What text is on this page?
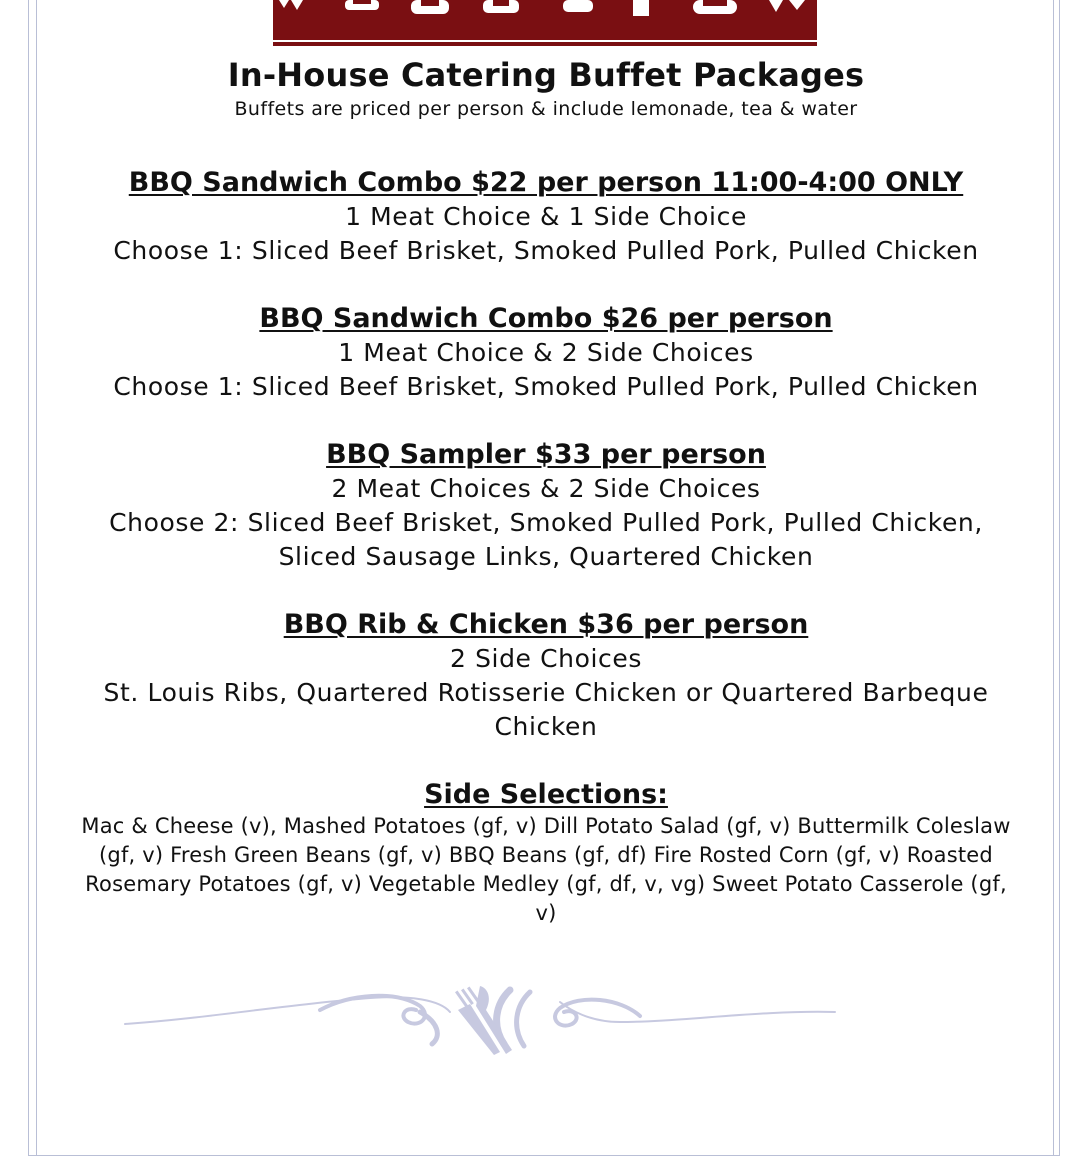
In-House Catering Buffet Packages

Buffets are priced per person & include lemonade, tea & water

BBQ Sandwich Combo $22 per person 11:00-4:00 ONLY

1 Meat Choice & 1 Side Choice

Choose 1: Sliced Beef Brisket, Smoked Pulled Pork, Pulled Chicken

BBQ Sandwich Combo $26 per person

1 Meat Choice & 2 Side Choices

Choose 1: Sliced Beef Brisket, Smoked Pulled Pork, Pulled Chicken

BBQ Sampler $33 per person

2 Meat Choices & 2 Side Choices

Choose 2: Sliced Beef Brisket, Smoked Pulled Pork, Pulled Chicken, Sliced Sausage Links, Quartered Chicken

BBQ Rib & Chicken $36 per person

2 Side Choices

St. Louis Ribs, Quartered Rotisserie Chicken or Quartered Barbeque Chicken

Side Selections:

Mac & Cheese (v), Mashed Potatoes (gf, v) Dill Potato Salad (gf, v) Buttermilk Coleslaw (gf, v) Fresh Green Beans (gf, v) BBQ Beans (gf, df) Fire Rosted Corn (gf, v) Roasted Rosemary Potatoes (gf, v) Vegetable Medley (gf, df, v, vg) Sweet Potato Casserole (gf, v)
